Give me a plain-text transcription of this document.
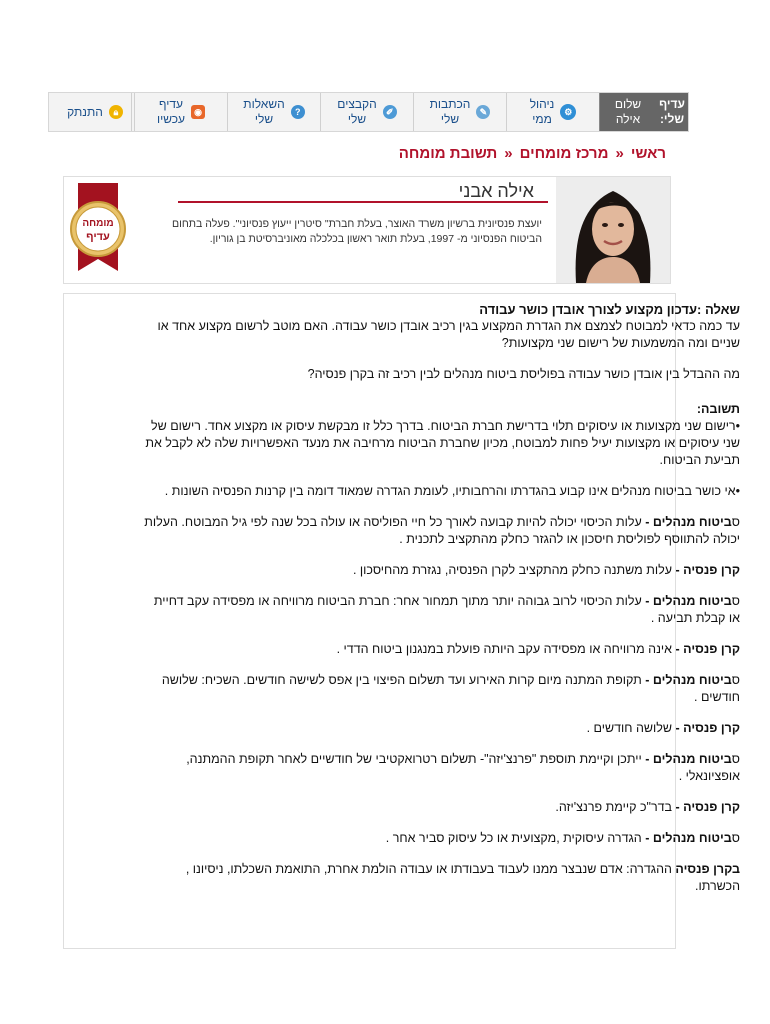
עדיף
שלי:
שלום
אילה
⚙
ניהול
ממי
✎
הכתבות
שלי
✐
הקבצים
שלי
?
השאלות
שלי
◉
עדיף
עכשיו
🔒︎
התנתק
ראשי«מרכז מומחים«תשובת מומחה
אילה אבני
יועצת פנסיונית ברשיון משרד האוצר, בעלת חברת" סיטרין ייעוץ פנסיוני". פעלה בתחום הביטוח הפנסיוני מ- 1997, בעלת תואר ראשון בכלכלה מאוניברסיטת בן גוריון.
מומחה
עדיף

שאלה :עדכון מקצוע לצורך אובדן כושר עבודה

עד כמה כדאי למבוטח לצמצם את הגדרת המקצוע בגין רכיב אובדן כושר עבודה. האם מוטב לרשום מקצוע אחד או שניים ומה המשמעות של רישום שני מקצועות?

מה ההבדל בין אובדן כושר עבודה בפוליסת ביטוח מנהלים לבין רכיב זה בקרן פנסיה?

תשובה:

•רישום שני מקצועות או עיסוקים תלוי בדרישת חברת הביטוח. בדרך כלל זו מבקשת עיסוק או מקצוע אחד. רישום של שני עיסוקים או מקצועות יעיל פחות למבוטח, מכיון שחברת הביטוח מרחיבה את מנעד האפשרויות שלה לא לקבל את תביעת הביטוח.

•אי כושר בביטוח מנהלים אינו קבוע בהגדרתו והרחבותיו, לעומת הגדרה שמאוד דומה בין קרנות הפנסיה השונות .

סביטוח מנהלים - עלות הכיסוי יכולה להיות קבועה לאורך כל חיי הפוליסה או עולה בכל שנה לפי גיל המבוטח. העלות יכולה להתווסף לפוליסת חיסכון או להגזר כחלק מהתקציב לתכנית .

קרן פנסיה - עלות משתנה כחלק מהתקציב לקרן הפנסיה, נגזרת מהחיסכון .

סביטוח מנהלים - עלות הכיסוי לרוב גבוהה יותר מתוך תמחור אחר: חברת הביטוח מרוויחה או מפסידה עקב דחיית או קבלת תביעה .

קרן פנסיה - אינה מרוויחה או מפסידה עקב היותה פועלת במנגנון ביטוח הדדי .

סביטוח מנהלים - תקופת המתנה מיום קרות האירוע ועד תשלום הפיצוי בין אפס לשישה חודשים. השכיח: שלושה חודשים .

קרן פנסיה - שלושה חודשים .

סביטוח מנהלים - ייתכן וקיימת תוספת "פרנצ'יזה"- תשלום רטרואקטיבי של חודשיים לאחר תקופת ההמתנה, אופציונאלי .

קרן פנסיה - בדר"כ קיימת פרנצ'יזה.

סביטוח מנהלים - הגדרה עיסוקית ,מקצועית או כל עיסוק סביר אחר .

בקרן פנסיה ההגדרה: אדם שנבצר ממנו לעבוד בעבודתו או עבודה הולמת אחרת, התואמת השכלתו, ניסיונו , הכשרתו.
